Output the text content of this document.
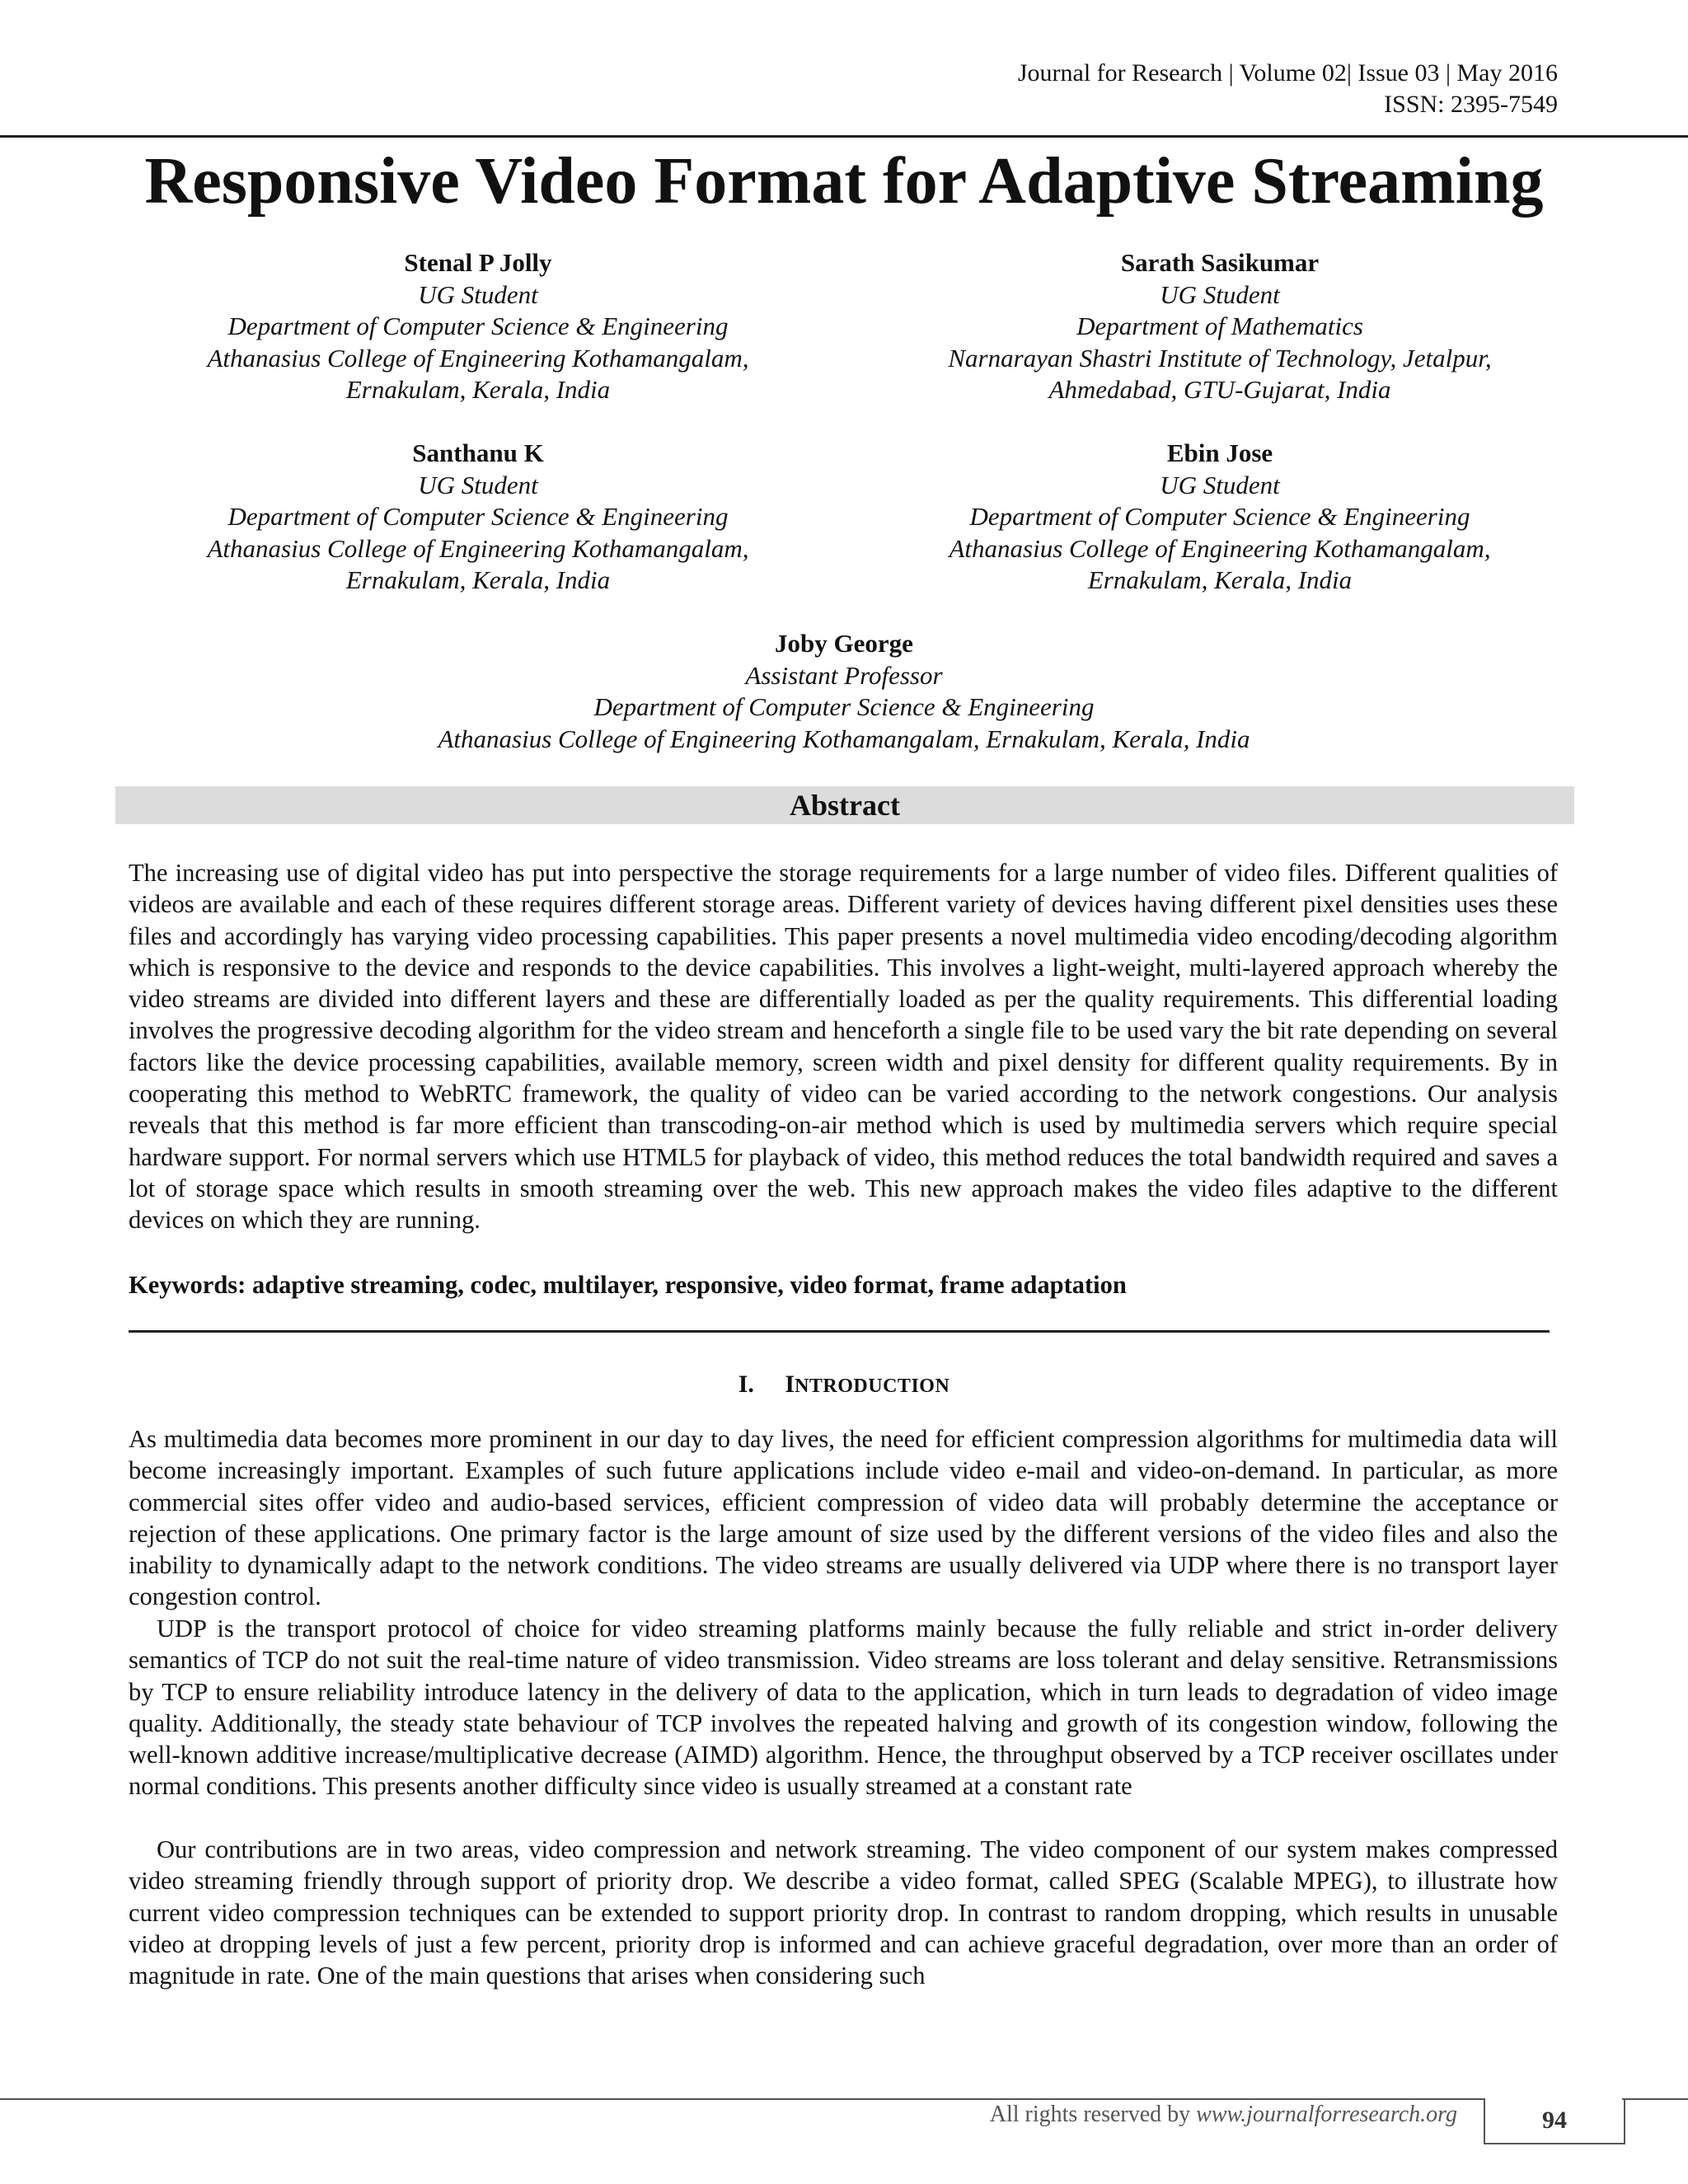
Journal for Research | Volume 02| Issue 03 | May 2016
ISSN: 2395-7549
Responsive Video Format for Adaptive Streaming
Stenal P Jolly
UG Student
Department of Computer Science & Engineering
Athanasius College of Engineering Kothamangalam,
Ernakulam, Kerala, India
Sarath Sasikumar
UG Student
Department of Mathematics
Narnarayan Shastri Institute of Technology, Jetalpur,
Ahmedabad, GTU-Gujarat, India
Santhanu K
UG Student
Department of Computer Science & Engineering
Athanasius College of Engineering Kothamangalam,
Ernakulam, Kerala, India
Ebin Jose
UG Student
Department of Computer Science & Engineering
Athanasius College of Engineering Kothamangalam,
Ernakulam, Kerala, India
Joby George
Assistant Professor
Department of Computer Science & Engineering
Athanasius College of Engineering Kothamangalam, Ernakulam, Kerala, India
Abstract

The increasing use of digital video has put into perspective the storage requirements for a large number of video files. Different qualities of videos are available and each of these requires different storage areas. Different variety of devices having different pixel densities uses these files and accordingly has varying video processing capabilities. This paper presents a novel multimedia video encoding/decoding algorithm which is responsive to the device and responds to the device capabilities. This involves a light-weight, multi-layered approach whereby the video streams are divided into different layers and these are differentially loaded as per the quality requirements. This differential loading involves the progressive decoding algorithm for the video stream and henceforth a single file to be used vary the bit rate depending on several factors like the device processing capabilities, available memory, screen width and pixel density for different quality requirements. By in cooperating this method to WebRTC framework, the quality of video can be varied according to the network congestions. Our analysis reveals that this method is far more efficient than transcoding-on-air method which is used by multimedia servers which require special hardware support. For normal servers which use HTML5 for playback of video, this method reduces the total bandwidth required and saves a lot of storage space which results in smooth streaming over the web. This new approach makes the video files adaptive to the different devices on which they are running.

Keywords: adaptive streaming, codec, multilayer, responsive, video format, frame adaptation
I. INTRODUCTION

As multimedia data becomes more prominent in our day to day lives, the need for efficient compression algorithms for multimedia data will become increasingly important. Examples of such future applications include video e-mail and video-on-demand. In particular, as more commercial sites offer video and audio-based services, efficient compression of video data will probably determine the acceptance or rejection of these applications. One primary factor is the large amount of size used by the different versions of the video files and also the inability to dynamically adapt to the network conditions. The video streams are usually delivered via UDP where there is no transport layer congestion control.

UDP is the transport protocol of choice for video streaming platforms mainly because the fully reliable and strict in-order delivery semantics of TCP do not suit the real-time nature of video transmission. Video streams are loss tolerant and delay sensitive. Retransmissions by TCP to ensure reliability introduce latency in the delivery of data to the application, which in turn leads to degradation of video image quality. Additionally, the steady state behaviour of TCP involves the repeated halving and growth of its congestion window, following the well-known additive increase/multiplicative decrease (AIMD) algorithm. Hence, the throughput observed by a TCP receiver oscillates under normal conditions. This presents another difficulty since video is usually streamed at a constant rate

Our contributions are in two areas, video compression and network streaming. The video component of our system makes compressed video streaming friendly through support of priority drop. We describe a video format, called SPEG (Scalable MPEG), to illustrate how current video compression techniques can be extended to support priority drop. In contrast to random dropping, which results in unusable video at dropping levels of just a few percent, priority drop is informed and can achieve graceful degradation, over more than an order of magnitude in rate. One of the main questions that arises when considering such

All rights reserved by www.journalforresearch.org	94
